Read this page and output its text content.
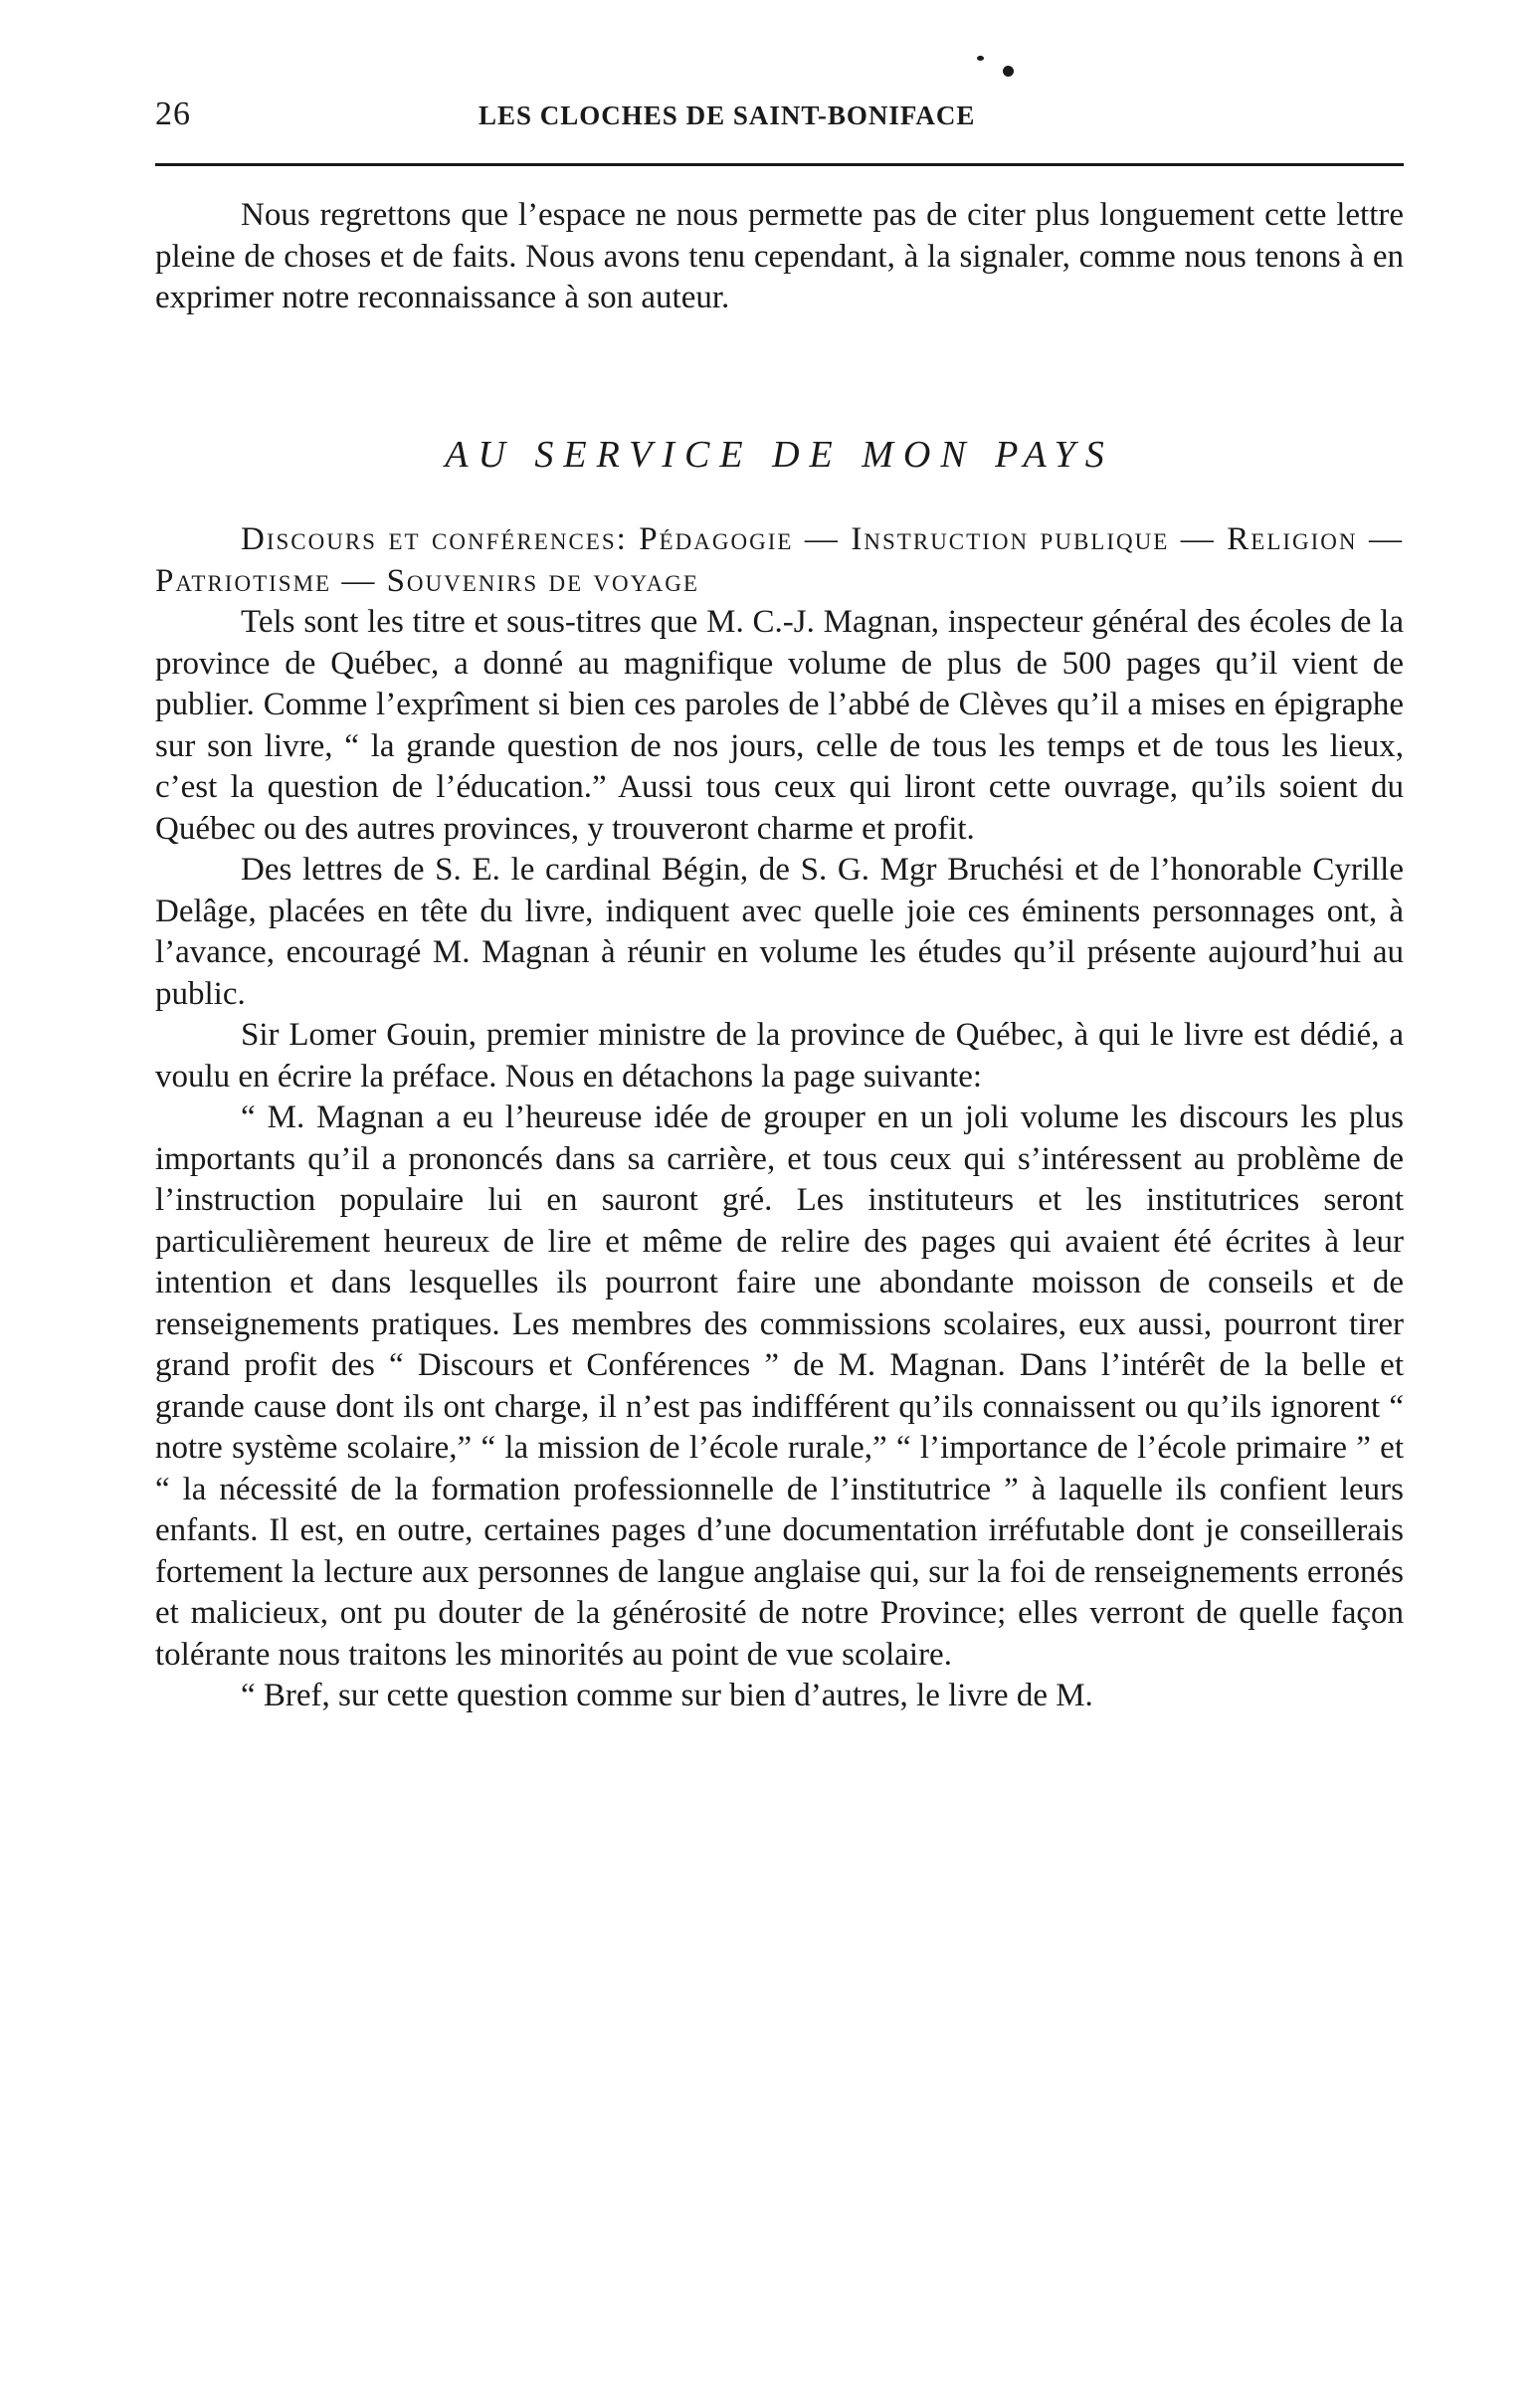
26	LES CLOCHES DE SAINT-BONIFACE

Nous regrettons que l’espace ne nous permette pas de citer plus longuement cette lettre pleine de choses et de faits. Nous avons tenu cependant, à la signaler, comme nous tenons à en exprimer notre reconnaissance à son auteur.

AU SERVICE DE MON PAYS

Discours et conférences: Pédagogie — Instruction publique — Religion — Patriotisme — Souvenirs de voyage

Tels sont les titre et sous-titres que M. C.-J. Magnan, inspecteur général des écoles de la province de Québec, a donné au magnifique volume de plus de 500 pages qu’il vient de publier. Comme l’exprîment si bien ces paroles de l’abbé de Clèves qu’il a mises en épigraphe sur son livre, “ la grande question de nos jours, celle de tous les temps et de tous les lieux, c’est la question de l’éducation.” Aussi tous ceux qui liront cette ouvrage, qu’ils soient du Québec ou des autres provinces, y trouveront charme et profit.

Des lettres de S. E. le cardinal Bégin, de S. G. Mgr Bruchési et de l’honorable Cyrille Delâge, placées en tête du livre, indiquent avec quelle joie ces éminents personnages ont, à l’avance, encouragé M. Magnan à réunir en volume les études qu’il présente aujourd’hui au public.

Sir Lomer Gouin, premier ministre de la province de Québec, à qui le livre est dédié, a voulu en écrire la préface. Nous en détachons la page suivante:

“ M. Magnan a eu l’heureuse idée de grouper en un joli volume les discours les plus importants qu’il a prononcés dans sa carrière, et tous ceux qui s’intéressent au problème de l’instruction populaire lui en sauront gré. Les instituteurs et les institutrices seront particulièrement heureux de lire et même de relire des pages qui avaient été écrites à leur intention et dans lesquelles ils pourront faire une abondante moisson de conseils et de renseignements pratiques. Les membres des commissions scolaires, eux aussi, pourront tirer grand profit des “ Discours et Conférences ” de M. Magnan. Dans l’intérêt de la belle et grande cause dont ils ont charge, il n’est pas indifférent qu’ils connaissent ou qu’ils ignorent “ notre système scolaire,” “ la mission de l’école rurale,” “ l’importance de l’école primaire ” et “ la nécessité de la formation professionnelle de l’institutrice ” à laquelle ils confient leurs enfants. Il est, en outre, certaines pages d’une documentation irréfutable dont je conseillerais fortement la lecture aux personnes de langue anglaise qui, sur la foi de renseignements erronés et malicieux, ont pu douter de la générosité de notre Province; elles verront de quelle façon tolérante nous traitons les minorités au point de vue scolaire.

“ Bref, sur cette question comme sur bien d’autres, le livre de M.
